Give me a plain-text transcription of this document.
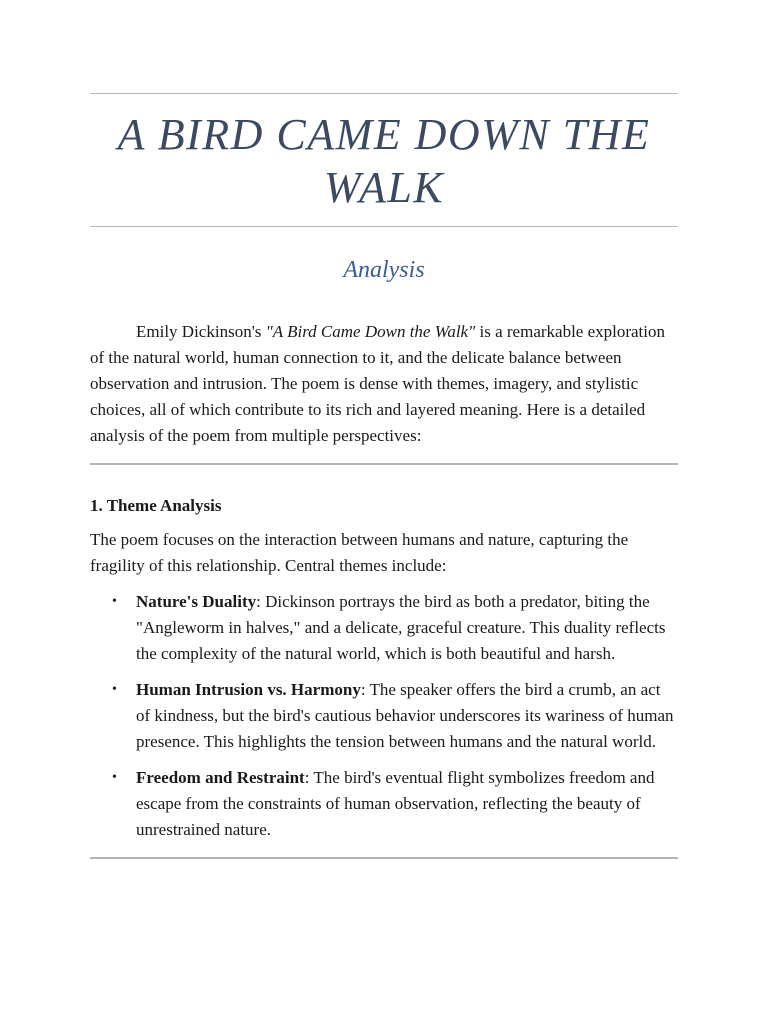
A BIRD CAME DOWN THE WALK
Analysis

Emily Dickinson's "A Bird Came Down the Walk" is a remarkable exploration of the natural world, human connection to it, and the delicate balance between observation and intrusion. The poem is dense with themes, imagery, and stylistic choices, all of which contribute to its rich and layered meaning. Here is a detailed analysis of the poem from multiple perspectives:

1. Theme Analysis

The poem focuses on the interaction between humans and nature, capturing the fragility of this relationship. Central themes include:

• Nature's Duality: Dickinson portrays the bird as both a predator, biting the "Angleworm in halves," and a delicate, graceful creature. This duality reflects the complexity of the natural world, which is both beautiful and harsh.
• Human Intrusion vs. Harmony: The speaker offers the bird a crumb, an act of kindness, but the bird's cautious behavior underscores its wariness of human presence. This highlights the tension between humans and the natural world.
• Freedom and Restraint: The bird's eventual flight symbolizes freedom and escape from the constraints of human observation, reflecting the beauty of unrestrained nature.
